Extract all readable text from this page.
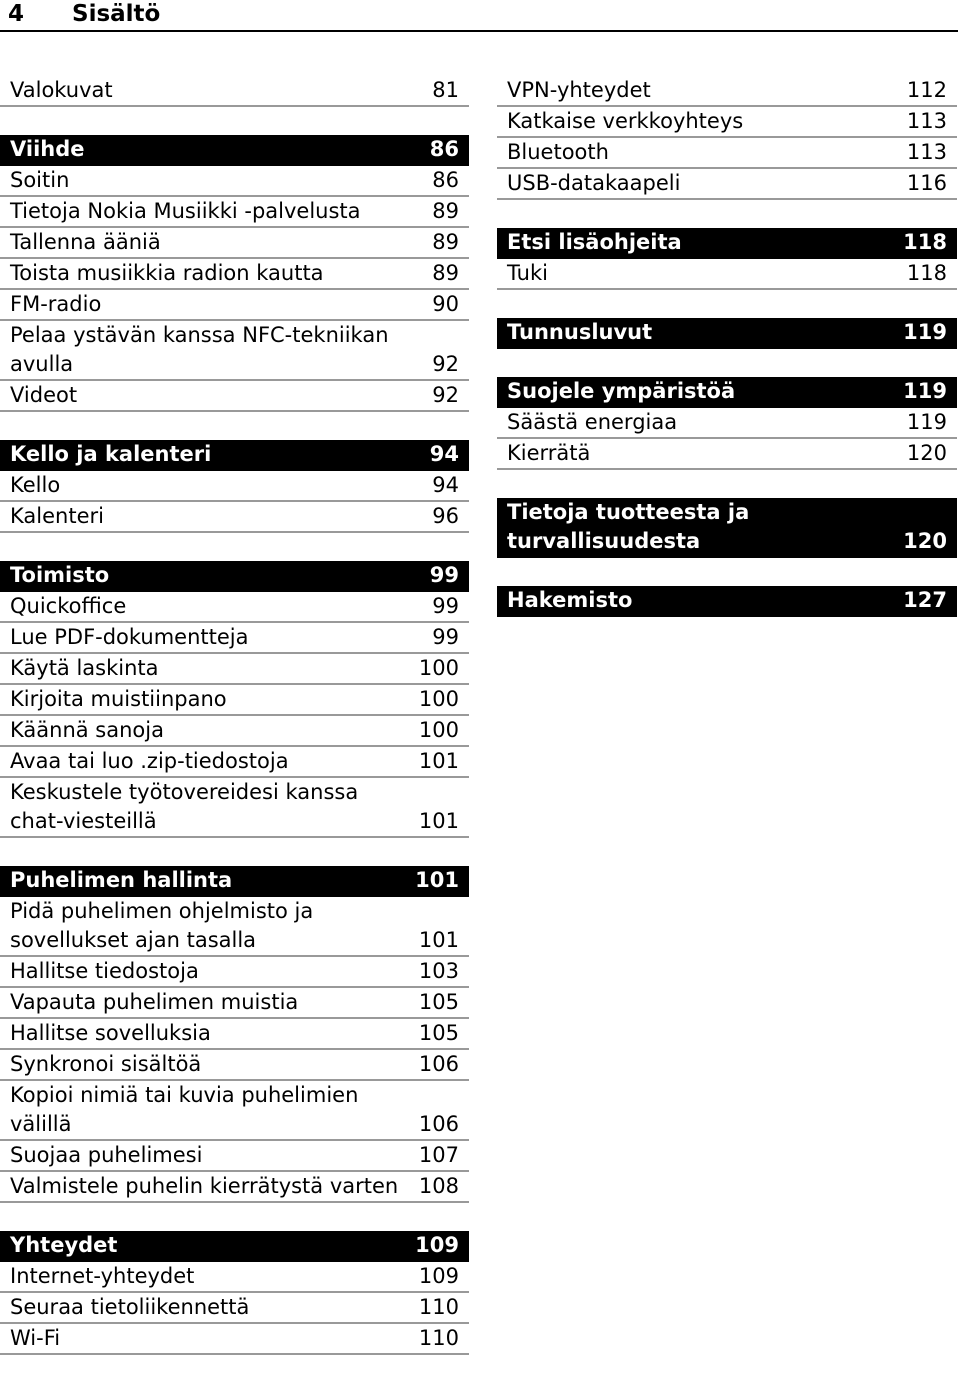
4 Sisältö
Valokuvat	81
Viihde	86
Soitin	86
Tietoja Nokia Musiikki -palvelusta	89
Tallenna ääniä	89
Toista musiikkia radion kautta	89
FM-radio	90
Pelaa ystävän kanssa NFC-tekniikan avulla	92
Videot	92
Kello ja kalenteri	94
Kello	94
Kalenteri	96
Toimisto	99
Quickoffice	99
Lue PDF-dokumentteja	99
Käytä laskinta	100
Kirjoita muistiinpano	100
Käännä sanoja	100
Avaa tai luo .zip-tiedostoja	101
Keskustele työtovereidesi kanssa chat-viesteillä	101
Puhelimen hallinta	101
Pidä puhelimen ohjelmisto ja sovellukset ajan tasalla	101
Hallitse tiedostoja	103
Vapauta puhelimen muistia	105
Hallitse sovelluksia	105
Synkronoi sisältöä	106
Kopioi nimiä tai kuvia puhelimien välillä	106
Suojaa puhelimesi	107
Valmistele puhelin kierrätystä varten 108
Yhteydet	109
Internet-yhteydet	109
Seuraa tietoliikennettä	110
Wi-Fi	110
VPN-yhteydet	112
Katkaise verkkoyhteys	113
Bluetooth	113
USB-datakaapeli	116
Etsi lisäohjeita	118
Tuki	118
Tunnusluvut	119
Suojele ympäristöä	119
Säästä energiaa	119
Kierrätä	120
Tietoja tuotteesta ja turvallisuudesta	120
Hakemisto	127
